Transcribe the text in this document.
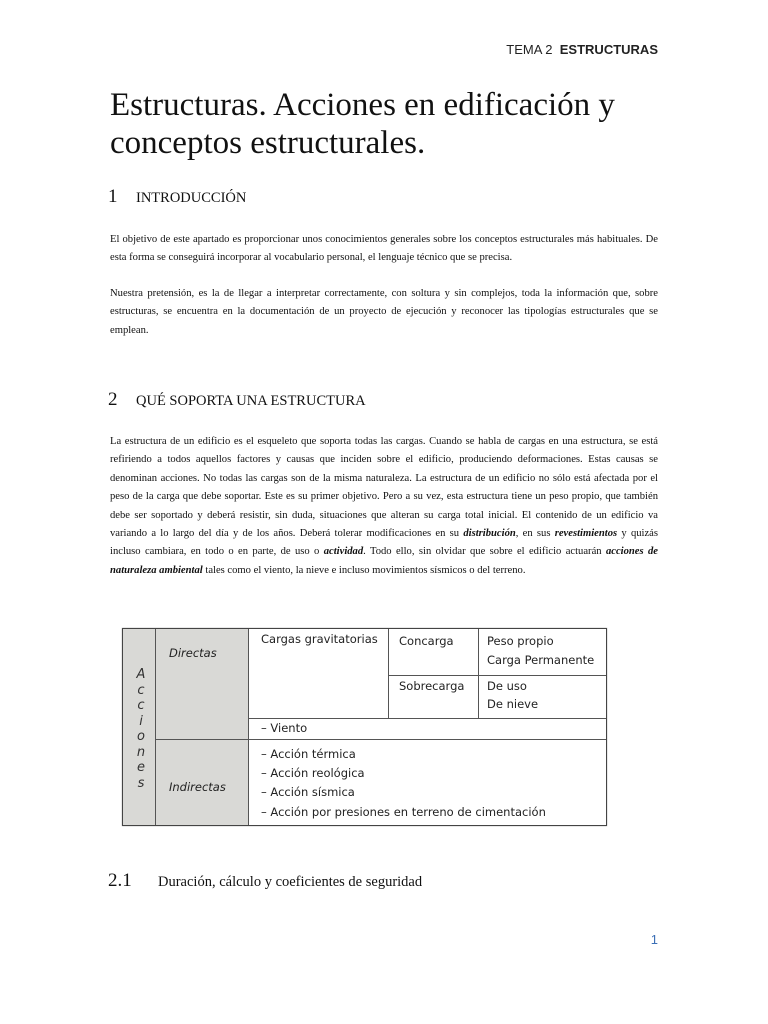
TEMA 2 ESTRUCTURAS
Estructuras. Acciones en edificación y conceptos estructurales.
1 INTRODUCCIÓN

El objetivo de este apartado es proporcionar unos conocimientos generales sobre los conceptos estructurales más habituales. De esta forma se conseguirá incorporar al vocabulario personal, el lenguaje técnico que se precisa.

Nuestra pretensión, es la de llegar a interpretar correctamente, con soltura y sin complejos, toda la información que, sobre estructuras, se encuentra en la documentación de un proyecto de ejecución y reconocer las tipologías estructurales que se emplean.

2 QUÉ SOPORTA UNA ESTRUCTURA

La estructura de un edificio es el esqueleto que soporta todas las cargas. Cuando se habla de cargas en una estructura, se está refiriendo a todos aquellos factores y causas que inciden sobre el edificio, produciendo deformaciones. Estas causas se denominan acciones. No todas las cargas son de la misma naturaleza. La estructura de un edificio no sólo está afectada por el peso de la carga que debe soportar. Este es su primer objetivo. Pero a su vez, esta estructura tiene un peso propio, que también debe ser soportado y deberá resistir, sin duda, situaciones que alteran su carga total inicial. El contenido de un edificio va variando a lo largo del día y de los años. Deberá tolerar modificaciones en su distribución, en sus revestimientos y quizás incluso cambiara, en todo o en parte, de uso o actividad. Todo ello, sin olvidar que sobre el edificio actuarán acciones de naturaleza ambiental tales como el viento, la nieve e incluso movimientos sísmicos o del terreno.

A
c
c
i
o
n
e
s
Directas
Indirectas
Cargas gravitatorias Concarga	Peso propio
Carga Permanente
Sobrecarga De uso
De nieve
– Viento
– Acción térmica
– Acción reológica
– Acción sísmica
– Acción por presiones en terreno de cimentación
2.1 Duración, cálculo y coeficientes de seguridad
1
